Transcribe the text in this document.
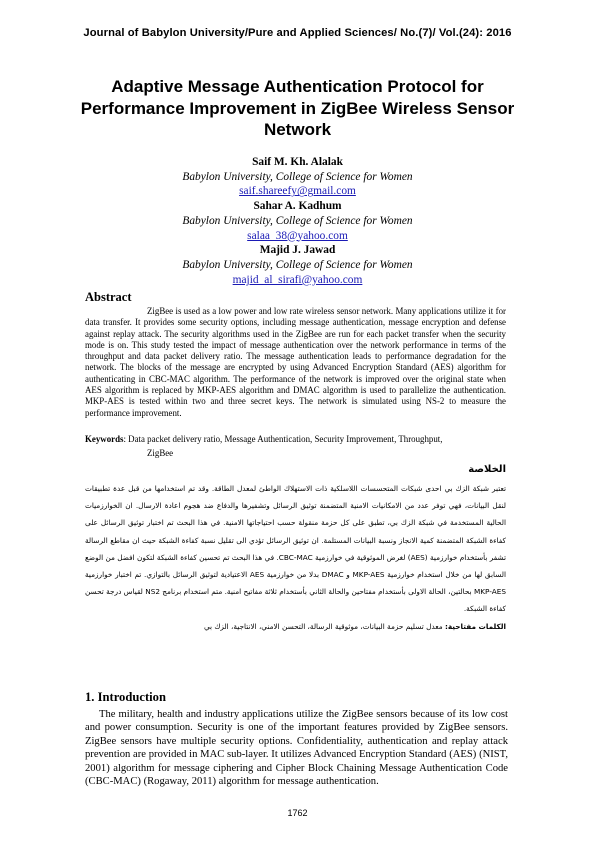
Journal of Babylon University/Pure and Applied Sciences/ No.(7)/ Vol.(24): 2016
Adaptive Message Authentication Protocol for Performance Improvement in ZigBee Wireless Sensor Network
Saif M. Kh. Alalak
Babylon University, College of Science for Women
saif.shareefy@gmail.com
Sahar A. Kadhum
Babylon University, College of Science for Women
salaa_38@yahoo.com
Majid J. Jawad
Babylon University, College of Science for Women
majid_al_sirafi@yahoo.com
Abstract
ZigBee is used as a low power and low rate wireless sensor network. Many applications utilize it for data transfer. It provides some security options, including message authentication, message encryption and defense against replay attack. The security algorithms used in the ZigBee are run for each packet transfer when the security mode is on. This study tested the impact of message authentication over the network performance in terms of the throughput and data packet delivery ratio. The message authentication leads to performance degradation for the network. The blocks of the message are encrypted by using Advanced Encryption Standard (AES) algorithm for authenticating in CBC-MAC algorithm. The performance of the network is improved over the original state when AES algorithm is replaced by MKP-AES algorithm and DMAC algorithm is used to parallelize the authentication. MKP-AES is tested within two and three secret keys. The network is simulated using NS-2 to measure the performance improvement.
Keywords: Data packet delivery ratio, Message Authentication, Security Improvement, Throughput,
ZigBee
الخلاصة
تعتبر شبكة الزك بي احدى شبكات المتحسسات اللاسلكية ذات الاستهلاك الواطئ لمعدل الطاقة. وقد تم استخدامها من قبل عدة تطبيقات لنقل البيانات، فهي توفر عدد من الامكانيات الامنية المتضمنة توثيق الرسائل وتشفيرها والدفاع ضد هجوم اعادة الارسال. ان الخوارزميات الحالية المستخدمة في شبكة الزك بي، تطبق على كل حزمة منقولة حسب احتياجاتها الامنية. في هذا البحث تم اختبار توثيق الرسائل على كفاءة الشبكة المتضمنة كمية الانجاز ونسبة البيانات المستلمة. ان توثيق الرسائل تؤدي الى تقليل نسبة كفاءة الشبكة حيث ان مقاطع الرسالة تشفر بأستخدام خوارزمية (AES) لغرض الموثوقية في خوارزمية CBC-MAC. في هذا البحث تم تحسين كفاءة الشبكة لتكون افضل من الوضع السابق لها من خلال استخدام خوارزمية MKP-AES و DMAC بدلا من خوارزمية AES الاعتيادية لتوثيق الرسائل بالتوازي. تم اختبار خوارزمية MKP-AES بحالتين، الحالة الاولى بأستخدام مفتاحين والحالة الثاني بأستخدام ثلاثة مفاتيح امنية. متم استخدام برنامج NS2 لقياس درجة تحسن كفاءة الشبكة.
الكلمات مفتاحية: معدل تسليم حزمة البيانات، موثوقية الرسالة، التحسن الامني، الانتاجية، الزك بي
1. Introduction
The military, health and industry applications utilize the ZigBee sensors because of its low cost and power consumption. Security is one of the important features provided by ZigBee sensors. ZigBee sensors have multiple security options. Confidentiality, authentication and replay attack prevention are provided in MAC sub-layer. It utilizes Advanced Encryption Standard (AES) (NIST, 2001) algorithm for message ciphering and Cipher Block Chaining Message Authentication Code (CBC-MAC) (Rogaway, 2011) algorithm for message authentication.
1762
